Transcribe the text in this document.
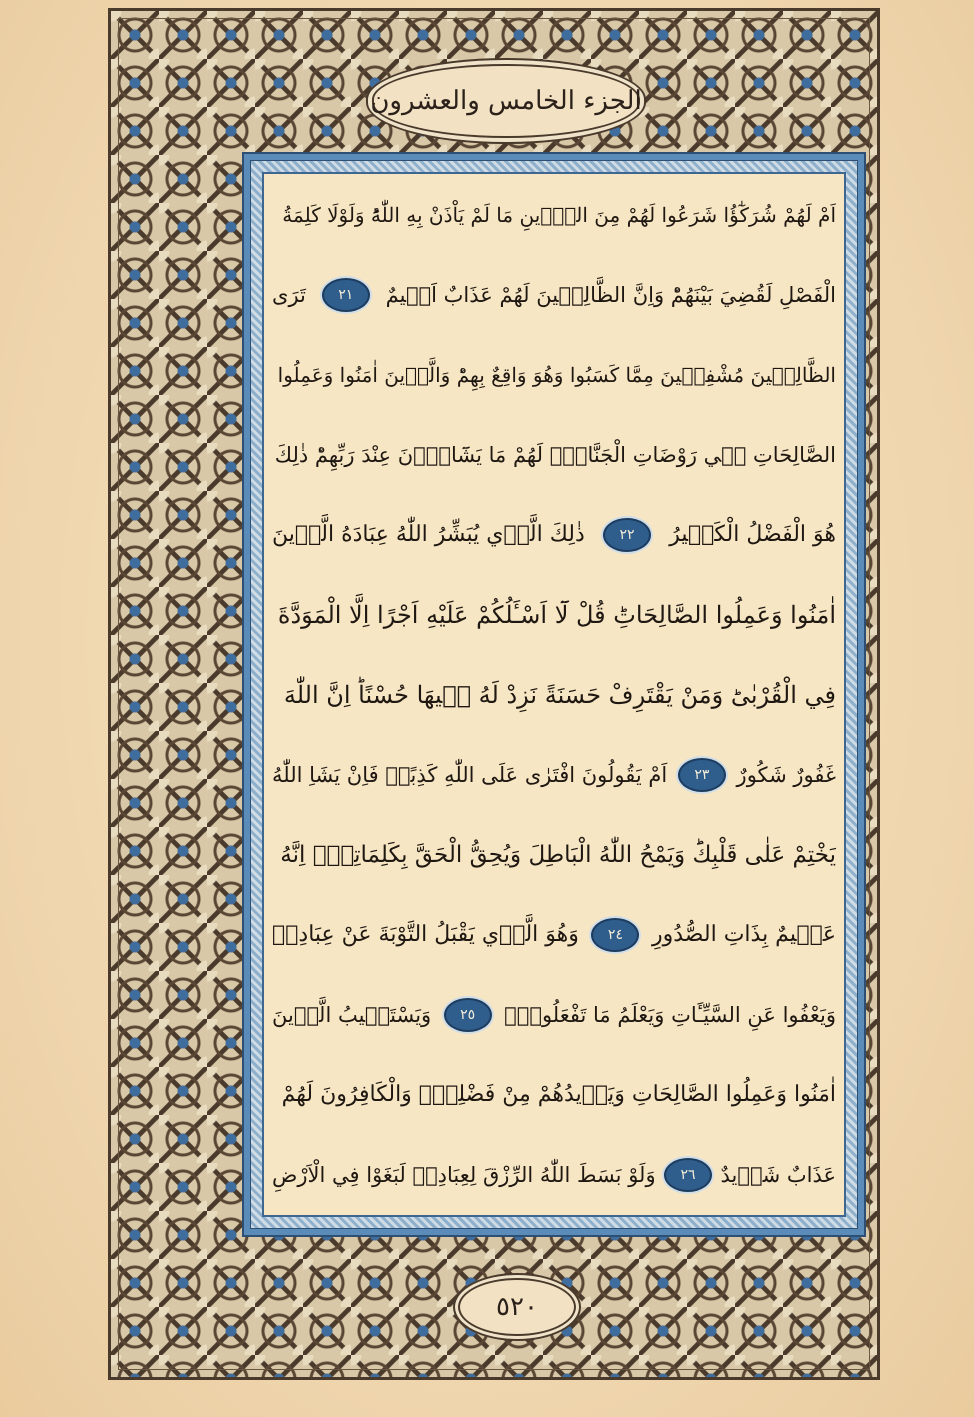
الجزء الخامس والعشرون
اَمْ لَهُمْ شُرَكٰٓؤُا شَرَعُوا لَهُمْ مِنَ الدّ۪ينِ مَا لَمْ يَاْذَنْ بِهِ اللّٰهُؕ وَلَوْلَا كَلِمَةُ
الْفَصْلِ لَقُضِيَ بَيْنَهُمْؕ وَاِنَّ الظَّالِم۪ينَ لَهُمْ عَذَابٌ اَل۪يمٌ
٢١
تَرَى
الظَّالِم۪ينَ مُشْفِق۪ينَ مِمَّا كَسَبُوا وَهُوَ وَاقِعٌ بِهِمْؕ وَالَّذ۪ينَ اٰمَنُوا وَعَمِلُوا
الصَّالِحَاتِ ف۪ي رَوْضَاتِ الْجَنَّاتِۚ لَهُمْ مَا يَشَٓاؤُ۫نَ عِنْدَ رَبِّهِمْؕ ذٰلِكَ
هُوَ الْفَضْلُ الْكَب۪يرُ
٢٢
ذٰلِكَ الَّذ۪ي يُبَشِّرُ اللّٰهُ عِبَادَهُ الَّذ۪ينَ
اٰمَنُوا وَعَمِلُوا الصَّالِحَاتِؕ قُلْ لَٓا اَسْـَٔلُكُمْ عَلَيْهِ اَجْرًا اِلَّا الْمَوَدَّةَ
فِي الْقُرْبٰىؕ وَمَنْ يَقْتَرِفْ حَسَنَةً نَزِدْ لَهُ ف۪يهَا حُسْنًاؕ اِنَّ اللّٰهَ
غَفُورٌ شَكُورٌ
٢٣
اَمْ يَقُولُونَ افْتَرٰى عَلَى اللّٰهِ كَذِبًاۚ فَاِنْ يَشَاِ اللّٰهُ
يَخْتِمْ عَلٰى قَلْبِكَؕ وَيَمْحُ اللّٰهُ الْبَاطِلَ وَيُحِقُّ الْحَقَّ بِكَلِمَاتِه۪ؕ اِنَّهُ
عَل۪يمٌ بِذَاتِ الصُّدُورِ
٢٤
وَهُوَ الَّذ۪ي يَقْبَلُ التَّوْبَةَ عَنْ عِبَادِه۪
وَيَعْفُوا عَنِ السَّيِّـَٔاتِ وَيَعْلَمُ مَا تَفْعَلُونَۙ
٢٥
وَيَسْتَج۪يبُ الَّذ۪ينَ
اٰمَنُوا وَعَمِلُوا الصَّالِحَاتِ وَيَز۪يدُهُمْ مِنْ فَضْلِه۪ؕ وَالْكَافِرُونَ لَهُمْ
عَذَابٌ شَد۪يدٌ
٢٦
وَلَوْ بَسَطَ اللّٰهُ الرِّزْقَ لِعِبَادِه۪ لَبَغَوْا فِي الْاَرْضِ
٥٢٠
